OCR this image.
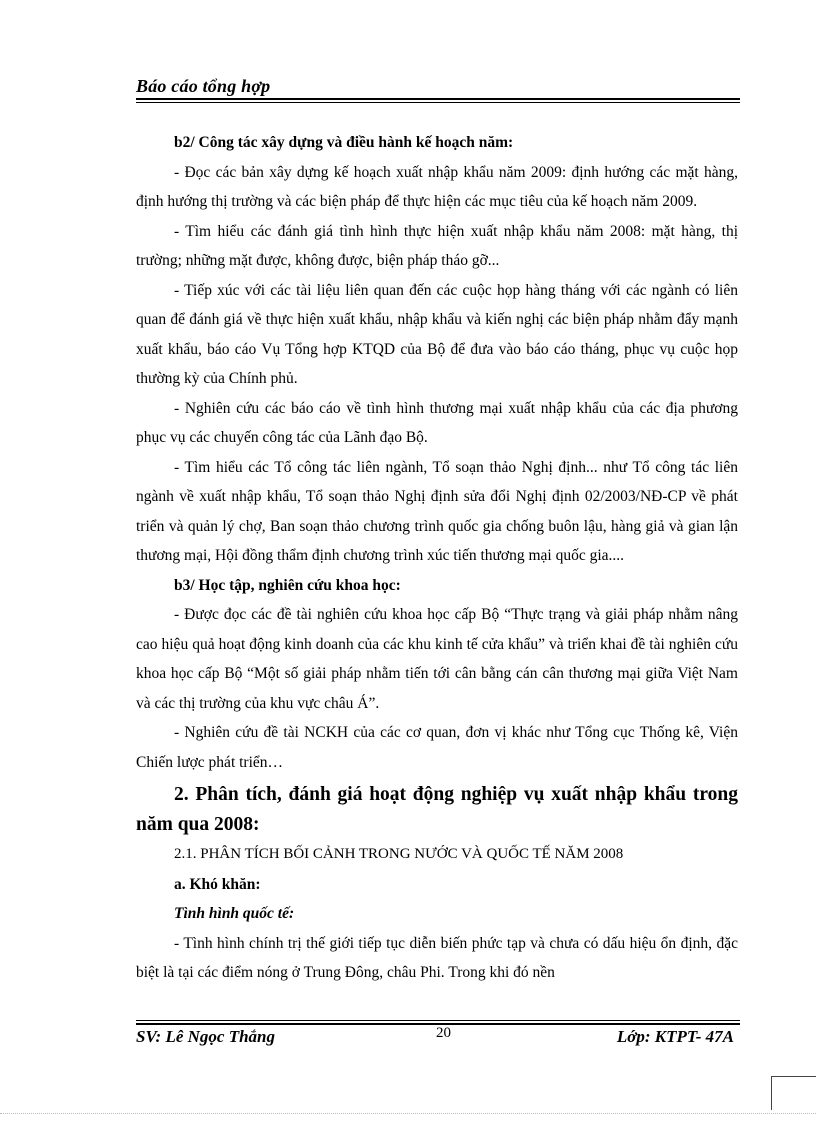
Báo cáo tổng hợp

b2/ Công tác xây dựng và điều hành kế hoạch năm:

- Đọc các bản xây dựng kế hoạch xuất nhập khẩu năm 2009: định hướng các mặt hàng, định hướng thị trường và các biện pháp để thực hiện các mục tiêu của kế hoạch năm 2009.

- Tìm hiểu các đánh giá tình hình thực hiện xuất nhập khẩu năm 2008: mặt hàng, thị trường; những mặt được, không được, biện pháp tháo gỡ...

- Tiếp xúc với các tài liệu liên quan đến các cuộc họp hàng tháng với các ngành có liên quan để đánh giá về thực hiện xuất khẩu, nhập khẩu và kiến nghị các biện pháp nhằm đẩy mạnh xuất khẩu, báo cáo Vụ Tổng hợp KTQD của Bộ để đưa vào báo cáo tháng, phục vụ cuộc họp thường kỳ của Chính phủ.

- Nghiên cứu các báo cáo về tình hình thương mại xuất nhập khẩu của các địa phương phục vụ các chuyến công tác của Lãnh đạo Bộ.

- Tìm hiểu các Tổ công tác liên ngành, Tổ soạn thảo Nghị định... như Tổ công tác liên ngành về xuất nhập khẩu, Tổ soạn thảo Nghị định sửa đổi Nghị định 02/2003/NĐ-CP về phát triển và quản lý chợ, Ban soạn thảo chương trình quốc gia chống buôn lậu, hàng giả và gian lận thương mại, Hội đồng thẩm định chương trình xúc tiến thương mại quốc gia....

b3/ Học tập, nghiên cứu khoa học:

- Được đọc các đề tài nghiên cứu khoa học cấp Bộ “Thực trạng và giải pháp nhằm nâng cao hiệu quả hoạt động kinh doanh của các khu kinh tế cửa khẩu” và triển khai đề tài nghiên cứu khoa học cấp Bộ “Một số giải pháp nhằm tiến tới cân bằng cán cân thương mại giữa Việt Nam và các thị trường của khu vực châu Á”.

- Nghiên cứu đề tài NCKH của các cơ quan, đơn vị khác như Tổng cục Thống kê, Viện Chiến lược phát triển…

2. Phân tích, đánh giá hoạt động nghiệp vụ xuất nhập khẩu trong năm qua 2008:

2.1. PHÂN TÍCH BỐI CẢNH TRONG NƯỚC VÀ QUỐC TẾ NĂM 2008

a. Khó khăn:

Tình hình quốc tế:

- Tình hình chính trị thế giới tiếp tục diễn biến phức tạp và chưa có dấu hiệu ổn định, đặc biệt là tại các điểm nóng ở Trung Đông, châu Phi. Trong khi đó nền

SV: Lê Ngọc Thắng	20	Lớp: KTPT- 47A
